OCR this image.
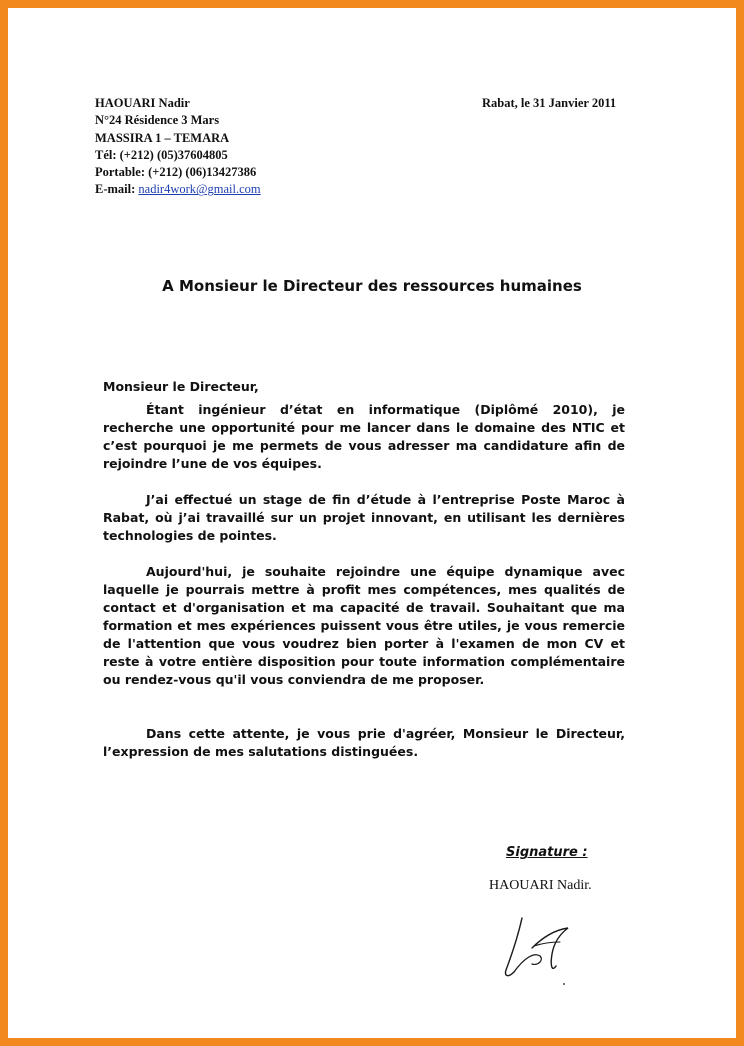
HAOUARI Nadir
N°24 Résidence 3 Mars
MASSIRA 1 – TEMARA
Tél: (+212) (05)37604805
Portable: (+212) (06)13427386
E-mail: nadir4work@gmail.com
Rabat, le 31 Janvier 2011
A Monsieur le Directeur des ressources humaines
Monsieur le Directeur,

Étant ingénieur d’état en informatique (Diplômé 2010), je recherche une opportunité pour me lancer dans le domaine des NTIC et c’est pourquoi je me permets de vous adresser ma candidature afin de rejoindre l’une de vos équipes.

J’ai effectué un stage de fin d’étude à l’entreprise Poste Maroc à Rabat, où j’ai travaillé sur un projet innovant, en utilisant les dernières technologies de pointes.

Aujourd'hui, je souhaite rejoindre une équipe dynamique avec laquelle je pourrais mettre à profit mes compétences, mes qualités de contact et d'organisation et ma capacité de travail. Souhaitant que ma formation et mes expériences puissent vous être utiles, je vous remercie de l'attention que vous voudrez bien porter à l'examen de mon CV et reste à votre entière disposition pour toute information complémentaire ou rendez-vous qu'il vous conviendra de me proposer.

Dans cette attente, je vous prie d'agréer, Monsieur le Directeur, l’expression de mes salutations distinguées.

Signature :
HAOUARI Nadir.
